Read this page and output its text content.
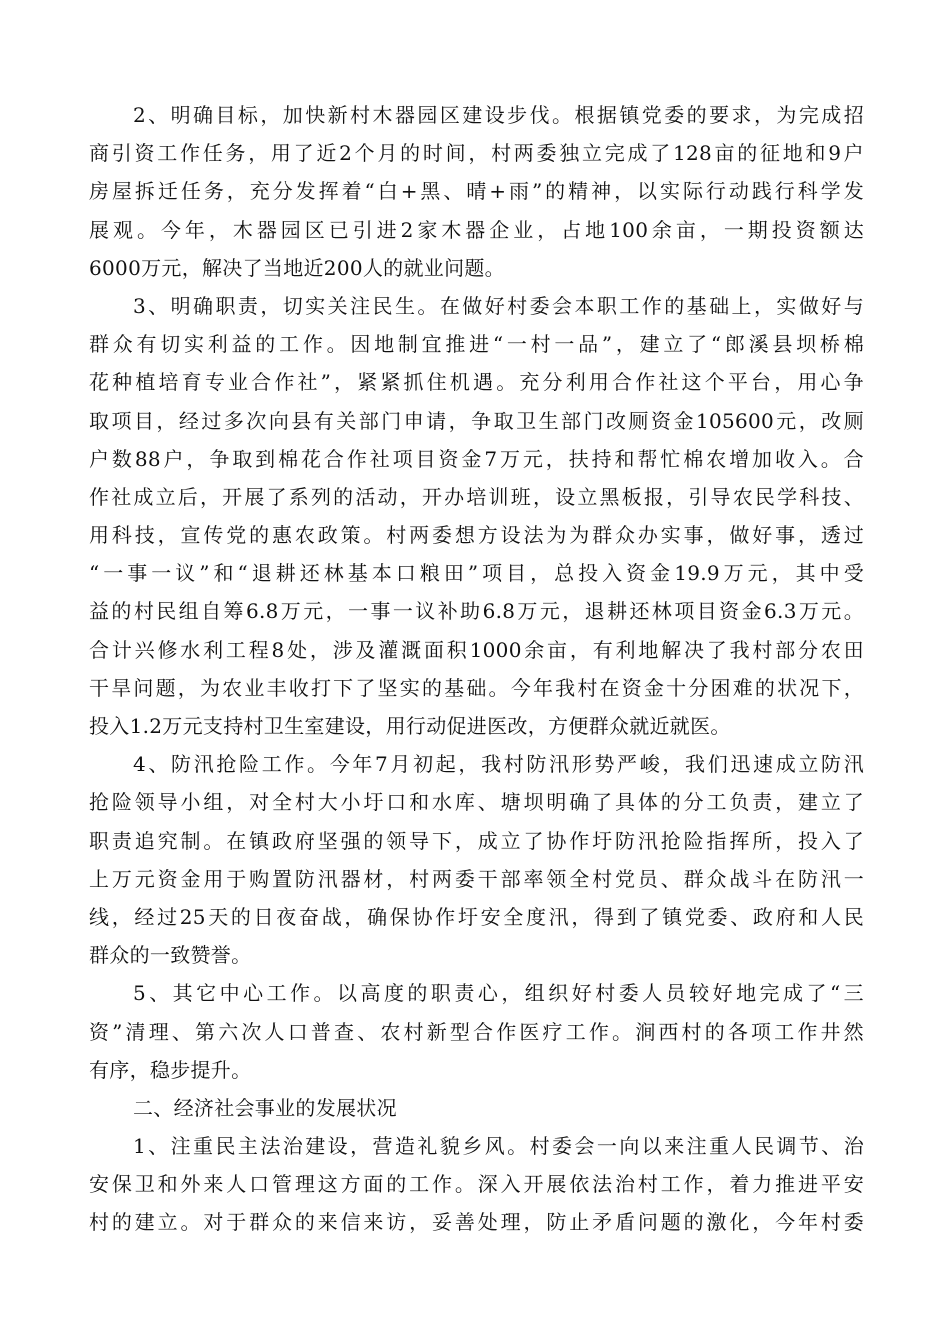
2、明确目标，加快新村木器园区建设步伐。根据镇党委的要求，为完成招
商引资工作任务，用了近2个月的时间，村两委独立完成了128亩的征地和9户
房屋拆迁任务，充分发挥着“白+黑、晴+雨”的精神，以实际行动践行科学发
展观。今年，木器园区已引进2家木器企业，占地100余亩，一期投资额达
6000万元，解决了当地近200人的就业问题。
3、明确职责，切实关注民生。在做好村委会本职工作的基础上，实做好与
群众有切实利益的工作。因地制宜推进“一村一品”，建立了“郎溪县坝桥棉
花种植培育专业合作社”，紧紧抓住机遇。充分利用合作社这个平台，用心争
取项目，经过多次向县有关部门申请，争取卫生部门改厕资金105600元，改厕
户数88户，争取到棉花合作社项目资金7万元，扶持和帮忙棉农增加收入。合
作社成立后，开展了系列的活动，开办培训班，设立黑板报，引导农民学科技、
用科技，宣传党的惠农政策。村两委想方设法为为群众办实事，做好事，透过
“一事一议”和“退耕还林基本口粮田”项目，总投入资金19.9万元，其中受
益的村民组自筹6.8万元，一事一议补助6.8万元，退耕还林项目资金6.3万元。
合计兴修水利工程8处，涉及灌溉面积1000余亩，有利地解决了我村部分农田
干旱问题，为农业丰收打下了坚实的基础。今年我村在资金十分困难的状况下，
投入1.2万元支持村卫生室建设，用行动促进医改，方便群众就近就医。
4、防汛抢险工作。今年7月初起，我村防汛形势严峻，我们迅速成立防汛
抢险领导小组，对全村大小圩口和水库、塘坝明确了具体的分工负责，建立了
职责追究制。在镇政府坚强的领导下，成立了协作圩防汛抢险指挥所，投入了
上万元资金用于购置防汛器材，村两委干部率领全村党员、群众战斗在防汛一
线，经过25天的日夜奋战，确保协作圩安全度汛，得到了镇党委、政府和人民
群众的一致赞誉。
5、其它中心工作。以高度的职责心，组织好村委人员较好地完成了“三
资”清理、第六次人口普查、农村新型合作医疗工作。涧西村的各项工作井然
有序，稳步提升。
二、经济社会事业的发展状况
1、注重民主法治建设，营造礼貌乡风。村委会一向以来注重人民调节、治
安保卫和外来人口管理这方面的工作。深入开展依法治村工作，着力推进平安
村的建立。对于群众的来信来访，妥善处理，防止矛盾问题的激化，今年村委
